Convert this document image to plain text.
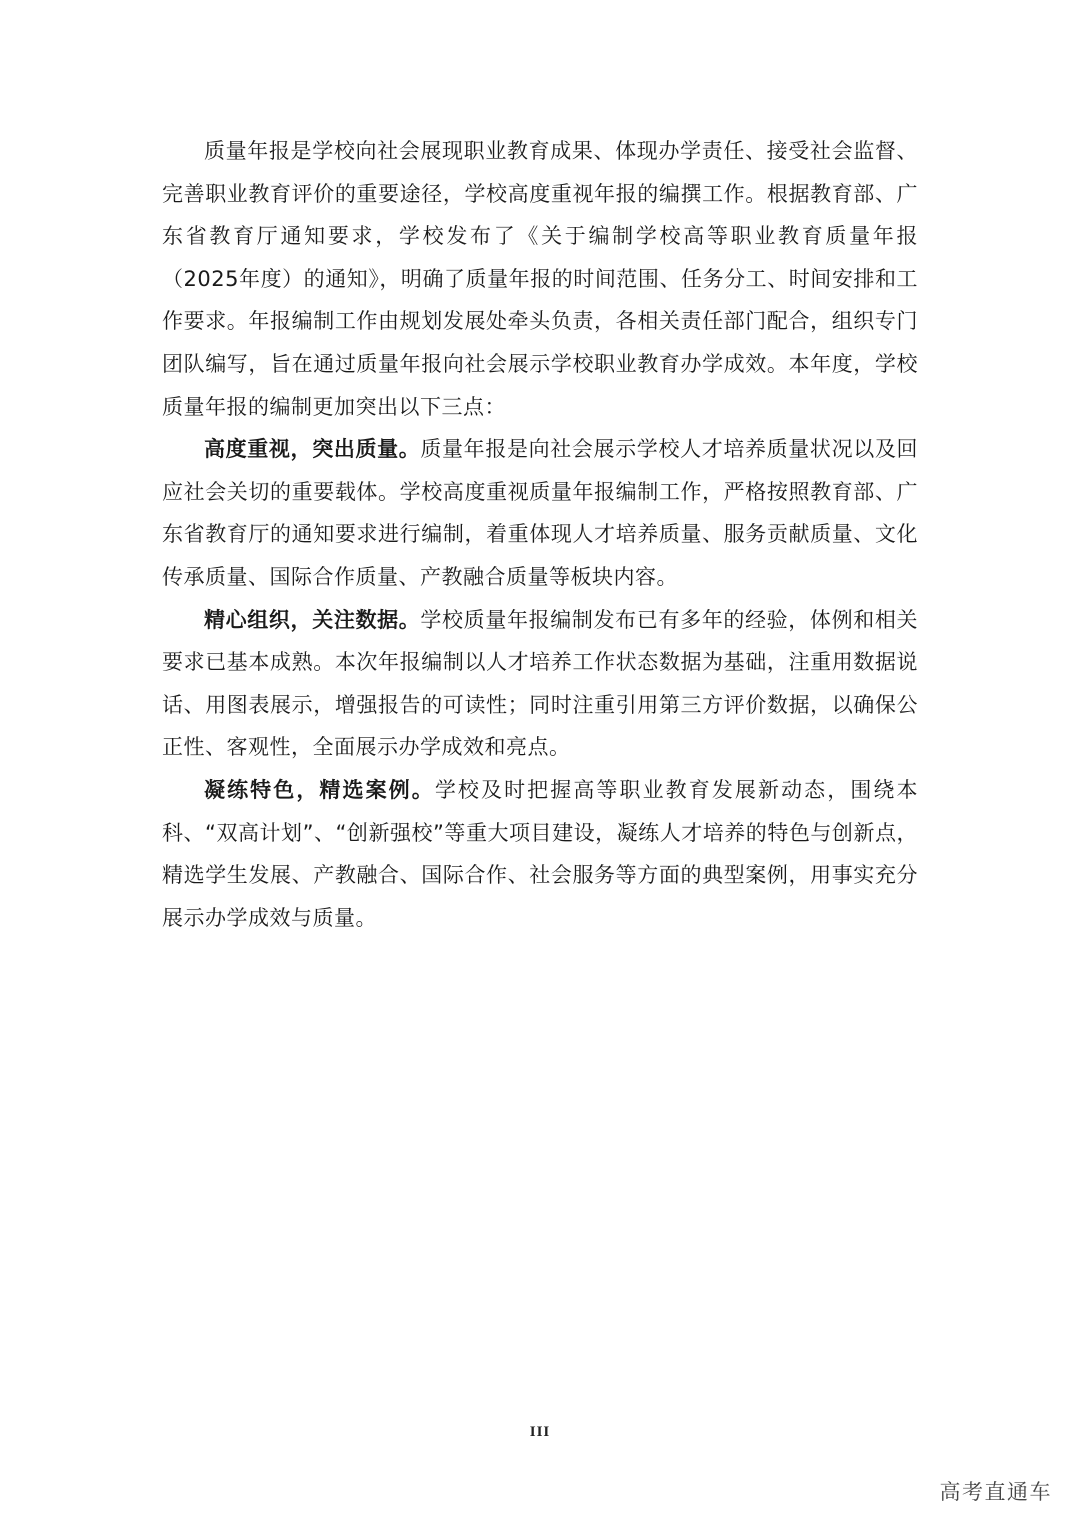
质量年报是学校向社会展现职业教育成果、体现办学责任、接受社会监督、完善职业教育评价的重要途径，学校高度重视年报的编撰工作。根据教育部、广东省教育厅通知要求，学校发布了《关于编制学校高等职业教育质量年报（2025年度）的通知》，明确了质量年报的时间范围、任务分工、时间安排和工作要求。年报编制工作由规划发展处牵头负责，各相关责任部门配合，组织专门团队编写，旨在通过质量年报向社会展示学校职业教育办学成效。本年度，学校质量年报的编制更加突出以下三点：

高度重视，突出质量。质量年报是向社会展示学校人才培养质量状况以及回应社会关切的重要载体。学校高度重视质量年报编制工作，严格按照教育部、广东省教育厅的通知要求进行编制，着重体现人才培养质量、服务贡献质量、文化传承质量、国际合作质量、产教融合质量等板块内容。

精心组织，关注数据。学校质量年报编制发布已有多年的经验，体例和相关要求已基本成熟。本次年报编制以人才培养工作状态数据为基础，注重用数据说话、用图表展示，增强报告的可读性；同时注重引用第三方评价数据，以确保公正性、客观性，全面展示办学成效和亮点。

凝练特色，精选案例。学校及时把握高等职业教育发展新动态，围绕本科、“双高计划”、“创新强校”等重大项目建设，凝练人才培养的特色与创新点，精选学生发展、产教融合、国际合作、社会服务等方面的典型案例，用事实充分展示办学成效与质量。

III
高考直通车
